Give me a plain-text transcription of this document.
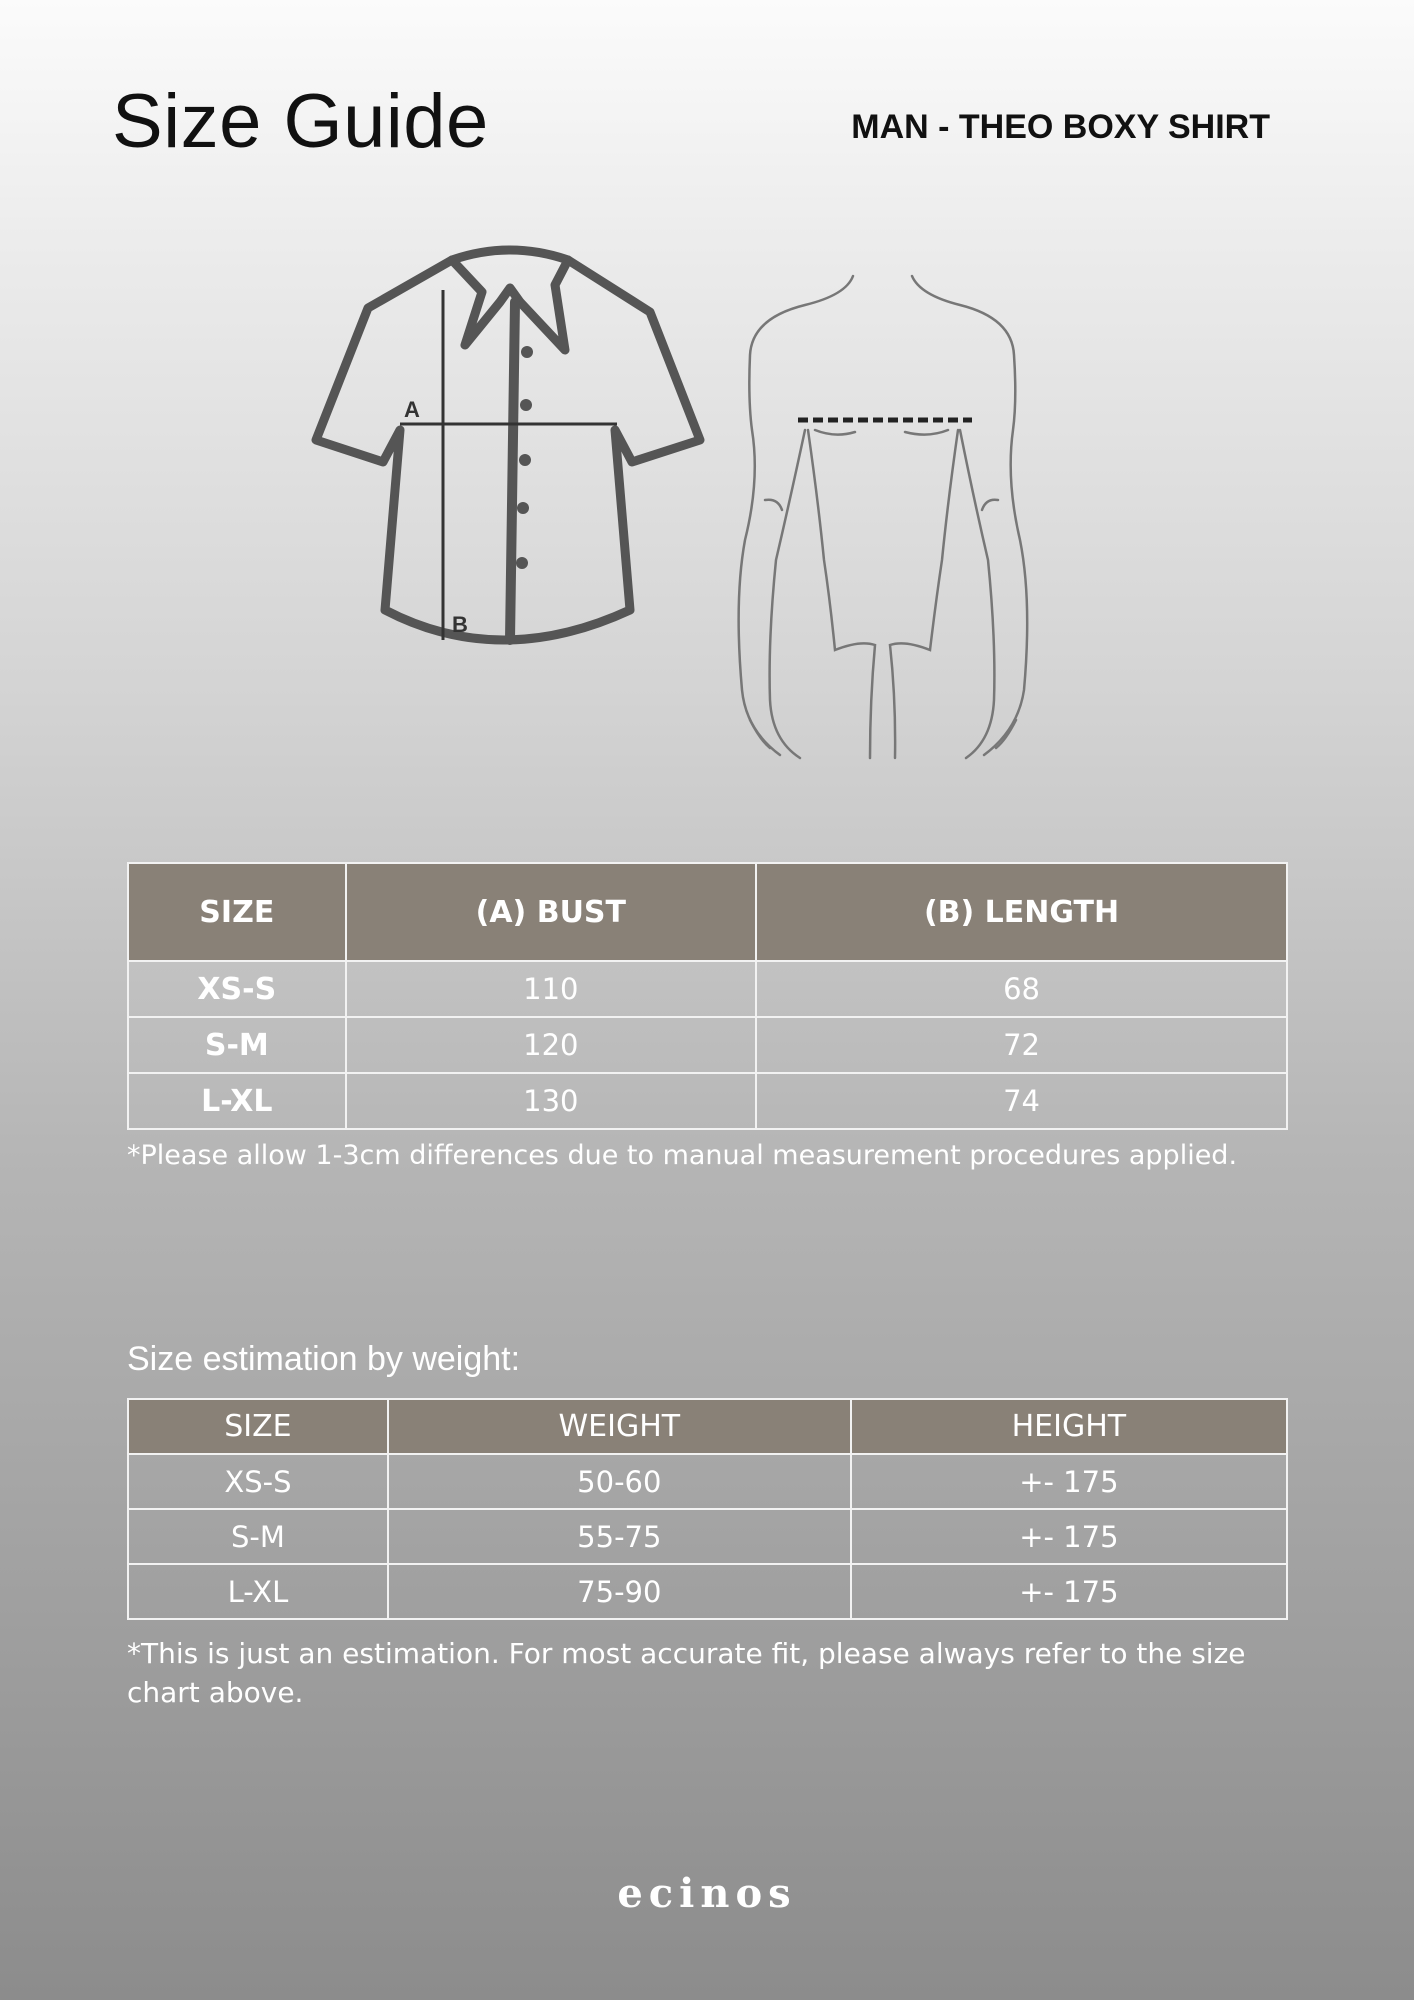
Size Guide	MAN - THEO BOXY SHIRT
A
B
SIZE	(A) BUST	(B) LENGTH
XS-S	110	68
S-M	120	72
L-XL	130	74
*Please allow 1-3cm differences due to manual measurement procedures applied.
Size estimation by weight:
SIZE	WEIGHT	HEIGHT
XS-S	50-60	+- 175
S-M	55-75	+- 175
L-XL	75-90	+- 175
*This is just an estimation. For most accurate fit, please always refer to the size chart above.
ecinos
